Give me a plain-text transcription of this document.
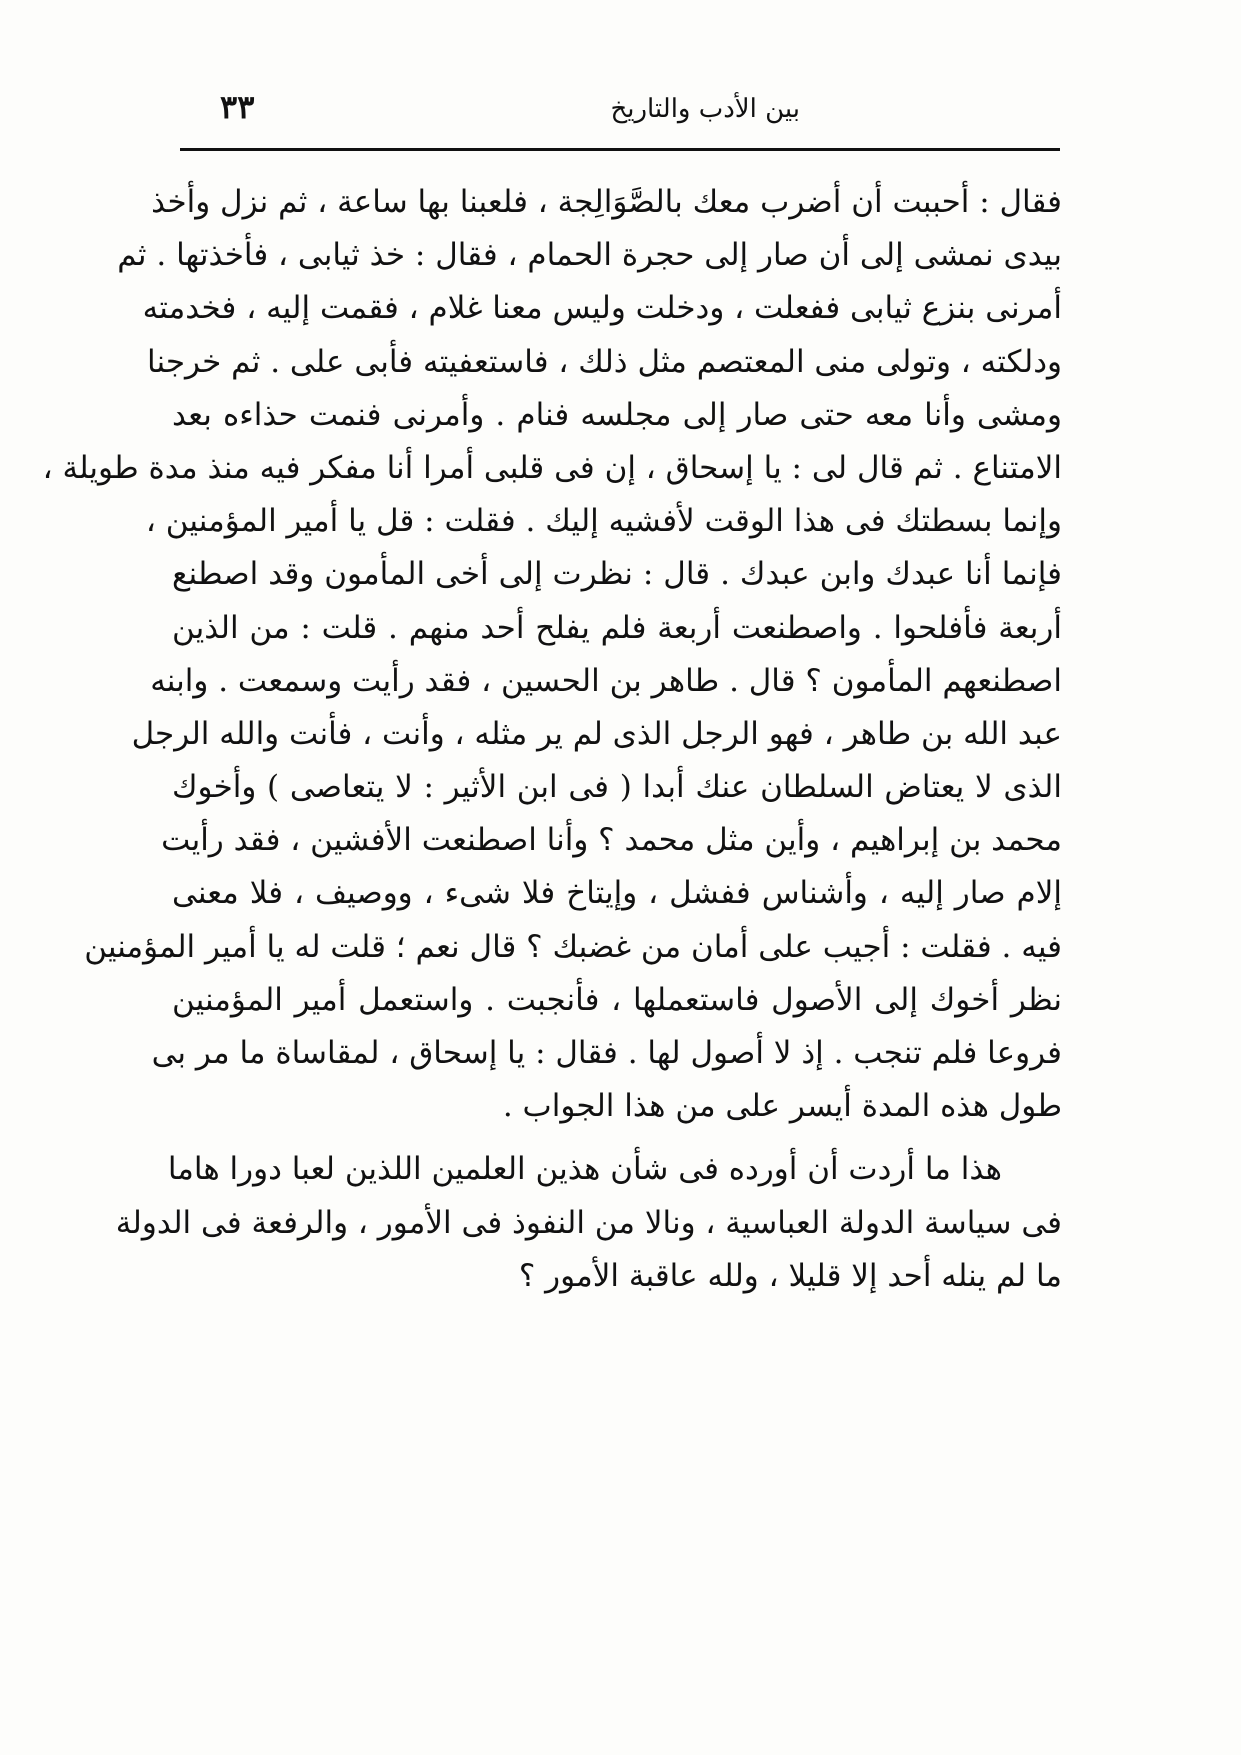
بين الأدب والتاريخ
٣٣
فقال : أحببت أن أضرب معك بالصَّوَالِجة ، فلعبنا بها ساعة ، ثم نزل وأخذ
بيدى نمشى إلى أن صار إلى حجرة الحمام ، فقال : خذ ثيابى ، فأخذتها . ثم
أمرنى بنزع ثيابى ففعلت ، ودخلت وليس معنا غلام ، فقمت إليه ، فخدمته
ودلكته ، وتولى منى المعتصم مثل ذلك ، فاستعفيته فأبى على . ثم خرجنا
ومشى وأنا معه حتى صار إلى مجلسه فنام . وأمرنى فنمت حذاءه بعد
الامتناع . ثم قال لى : يا إسحاق ، إن فى قلبى أمرا أنا مفكر فيه منذ مدة طويلة ،
وإنما بسطتك فى هذا الوقت لأفشيه إليك . فقلت : قل يا أمير المؤمنين ،
فإنما أنا عبدك وابن عبدك . قال : نظرت إلى أخى المأمون وقد اصطنع
أربعة فأفلحوا . واصطنعت أربعة فلم يفلح أحد منهم . قلت : من الذين
اصطنعهم المأمون ؟ قال . طاهر بن الحسين ، فقد رأيت وسمعت . وابنه
عبد الله بن طاهر ، فهو الرجل الذى لم ير مثله ، وأنت ، فأنت والله الرجل
الذى لا يعتاض السلطان عنك أبدا ( فى ابن الأثير : لا يتعاصى ) وأخوك
محمد بن إبراهيم ، وأين مثل محمد ؟ وأنا اصطنعت الأفشين ، فقد رأيت
إلام صار إليه ، وأشناس ففشل ، وإيتاخ فلا شىء ، ووصيف ، فلا معنى
فيه . فقلت : أجيب على أمان من غضبك ؟ قال نعم ؛ قلت له يا أمير المؤمنين
نظر أخوك إلى الأصول فاستعملها ، فأنجبت . واستعمل أمير المؤمنين
فروعا فلم تنجب . إذ لا أصول لها . فقال : يا إسحاق ، لمقاساة ما مر بى
طول هذه المدة أيسر على من هذا الجواب .
هذا ما أردت أن أورده فى شأن هذين العلمين اللذين لعبا دورا هاما
فى سياسة الدولة العباسية ، ونالا من النفوذ فى الأمور ، والرفعة فى الدولة
ما لم ينله أحد إلا قليلا ، ولله عاقبة الأمور ؟
